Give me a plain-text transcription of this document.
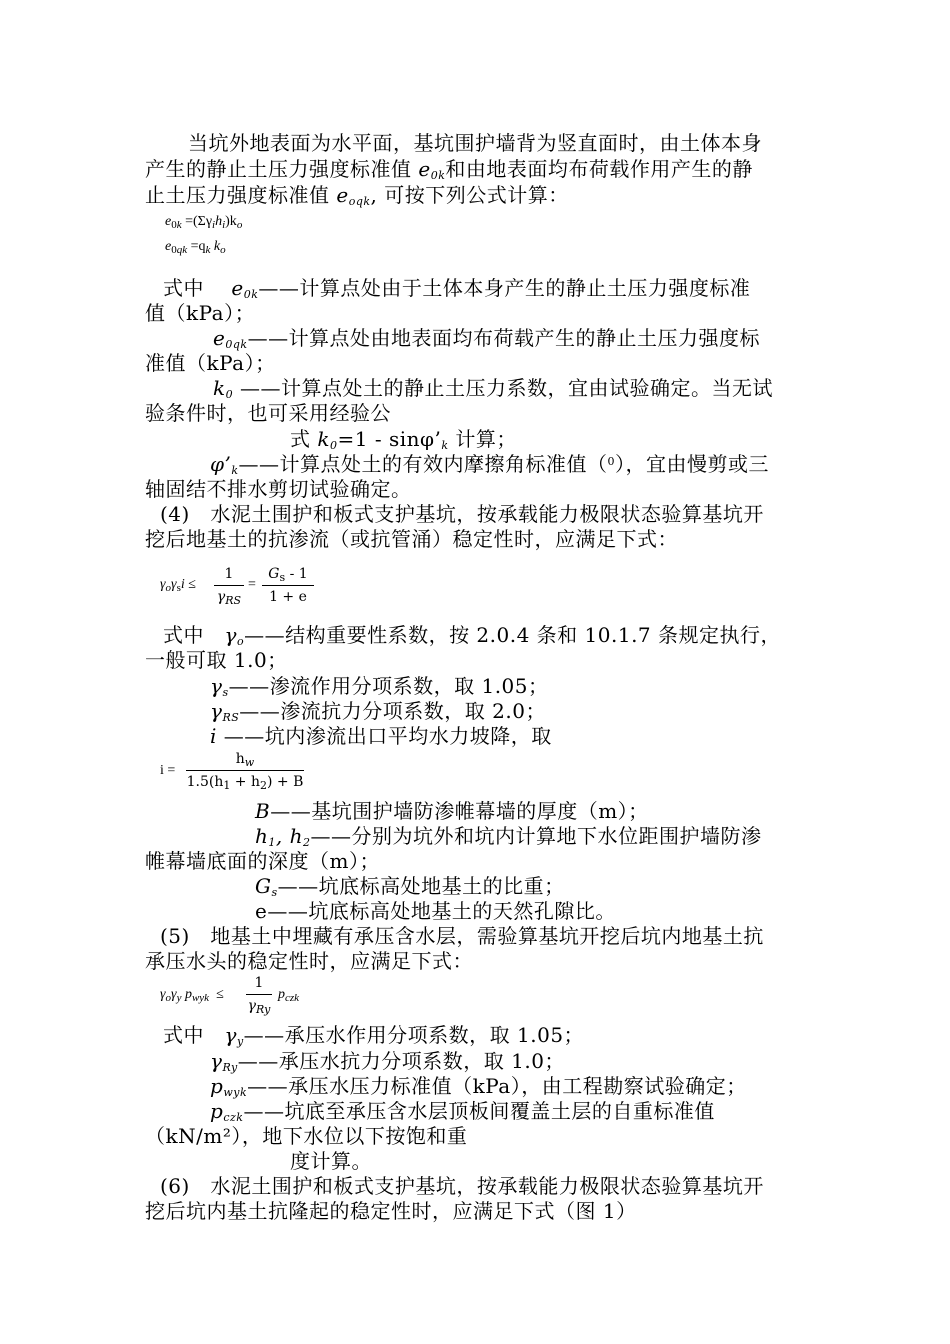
当坑外地表面为水平面，基坑围护墙背为竖直面时，由土体本身
产生的静止土压力强度标准值 $e_{0k}$和由地表面均布荷载作用产生的静
止土压力强度标准值 $e_{oqk}$, 可按下列公式计算：
$e_{0k} =(\Sigma\gamma_ih_i)k_o$
$e_{0qk} =q_k$ $k_o$
式中　 $e_{0k}——$计算点处由于土体本身产生的静止土压力强度标准
值（kPa）；
$e_{0qk}——$计算点处由地表面均布荷载产生的静止土压力强度标
准值（kPa）；
$k_0$ ——计算点处土的静止土压力系数，宜由试验确定。当无试
验条件时，也可采用经验公
式 $k_0=1$ - $\sin\varphi’_k$ 计算；
$\varphi’_k——$计算点处土的有效内摩擦角标准值（$^0$），宜由慢剪或三
轴固结不排水剪切试验确定。
(4)　水泥土围护和板式支护基坑，按承载能力极限状态验算基坑开
挖后地基土的抗渗流（或抗管涌）稳定性时，应满足下式：
$\gamma_o\gamma_si$ ≤
1
$\gamma_{RS}$
=
$G_s - 1$
1 + e
式中　$\gamma_o——$结构重要性系数，按 2.0.4 条和 10.1.7 条规定执行，
一般可取 1.0；
$\gamma_s——$渗流作用分项系数，取 1.05；
$\gamma_{RS}——$渗流抗力分项系数，取 2.0；
i ——坑内渗流出口平均水力坡降，取
i =
$h_w$
$1.5(h_1 + h_2) + B$
B——基坑围护墙防渗帷幕墙的厚度（m）；
$h_1$, $h_2——$分别为坑外和坑内计算地下水位距围护墙防渗
帷幕墙底面的深度（m）；
$G_s——$坑底标高处地基土的比重；
e——坑底标高处地基土的天然孔隙比。
(5)　地基土中埋藏有承压含水层，需验算基坑开挖后坑内地基土抗
承压水头的稳定性时，应满足下式：
$\gamma_o\gamma_y$ $p_{wyk}$  ≤
1
$\gamma_{Ry}$
$p_{czk}$
式中　$\gamma_y——$承压水作用分项系数，取 1.05；
$\gamma_{Ry}——$承压水抗力分项系数，取 1.0；
$p_{wyk}——$承压水压力标准值（kPa），由工程勘察试验确定；
$p_{czk}——$坑底至承压含水层顶板间覆盖土层的自重标准值
（kN/m²），地下水位以下按饱和重
度计算。
(6)　水泥土围护和板式支护基坑，按承载能力极限状态验算基坑开
挖后坑内基土抗隆起的稳定性时，应满足下式（图 1）
